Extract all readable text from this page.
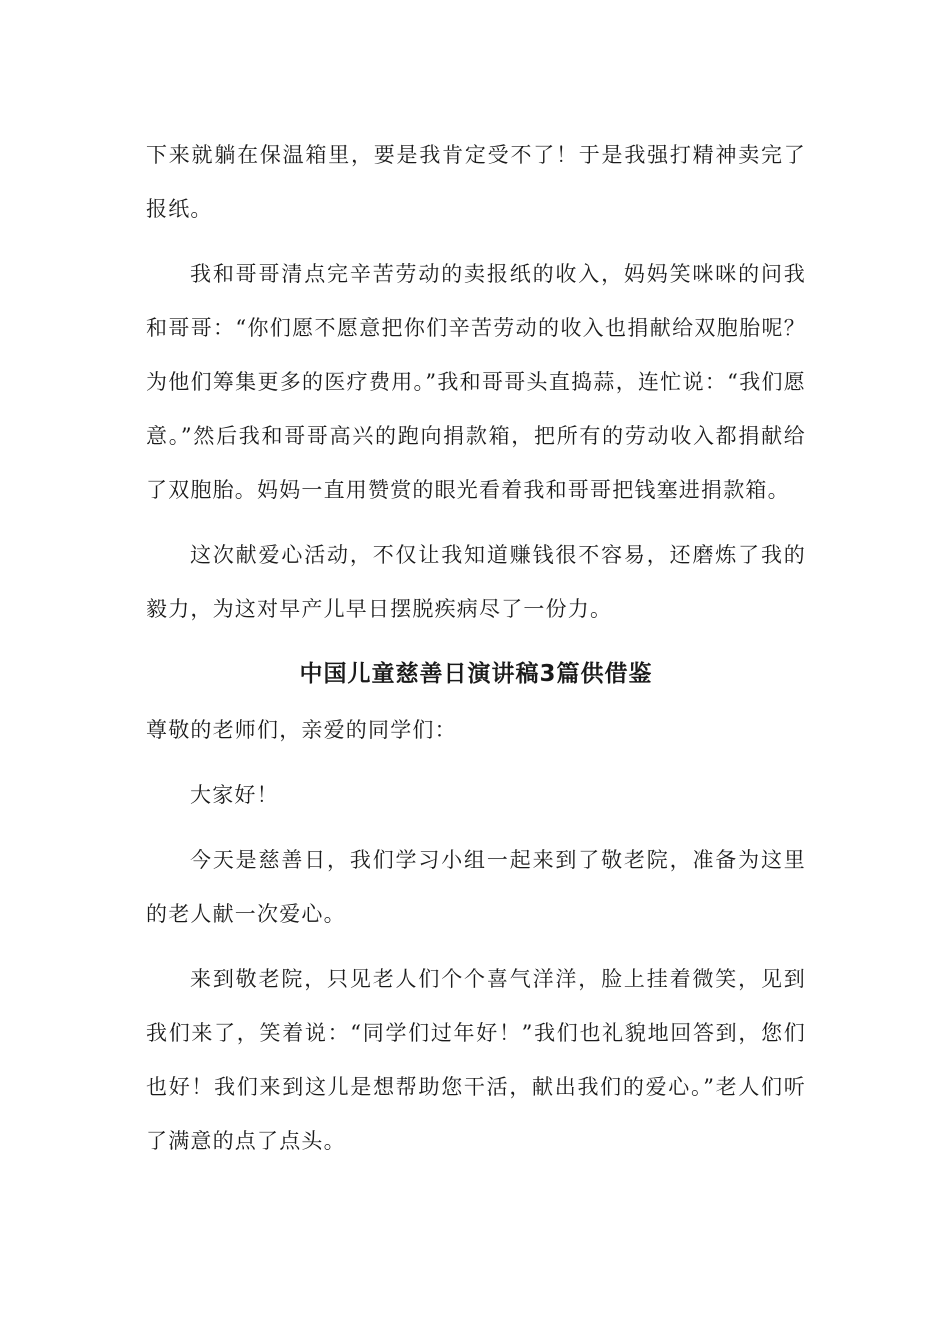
下来就躺在保温箱里，要是我肯定受不了！于是我强打精神卖完了报纸。

我和哥哥清点完辛苦劳动的卖报纸的收入，妈妈笑咪咪的问我和哥哥：“你们愿不愿意把你们辛苦劳动的收入也捐献给双胞胎呢？为他们筹集更多的医疗费用。”我和哥哥头直捣蒜，连忙说：“我们愿意。”然后我和哥哥高兴的跑向捐款箱，把所有的劳动收入都捐献给了双胞胎。妈妈一直用赞赏的眼光看着我和哥哥把钱塞进捐款箱。

这次献爱心活动，不仅让我知道赚钱很不容易，还磨炼了我的毅力，为这对早产儿早日摆脱疾病尽了一份力。

中国儿童慈善日演讲稿3篇供借鉴

尊敬的老师们，亲爱的同学们：

大家好！

今天是慈善日，我们学习小组一起来到了敬老院，准备为这里的老人献一次爱心。

来到敬老院，只见老人们个个喜气洋洋，脸上挂着微笑，见到我们来了，笑着说：“同学们过年好！”我们也礼貌地回答到，您们也好！我们来到这儿是想帮助您干活，献出我们的爱心。”老人们听了满意的点了点头。
